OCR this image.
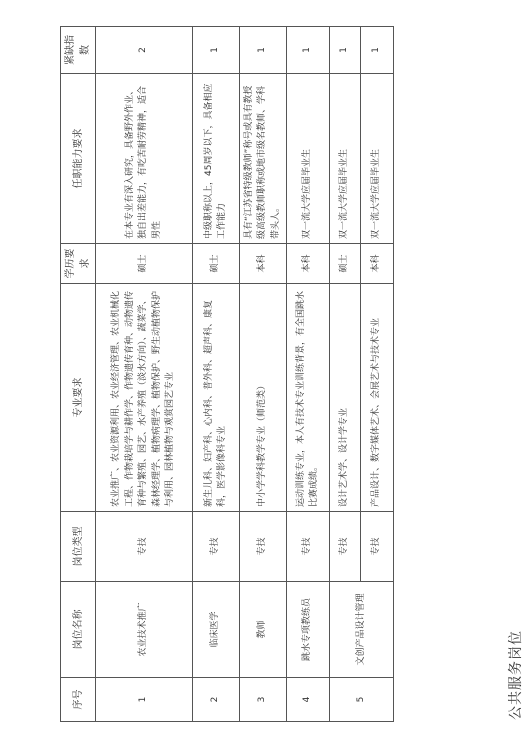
公共服务岗位
序号	岗位名称	岗位类型	专业要求	学历要求	任职能力要求	紧缺指数
1	农业技术推广	专技	农业推广、农业资源利用、农业经济管理、农业机械化工程、作物栽培学与耕作学、作物遗传育种、动物遗传育种与繁殖、园艺、水产养殖（淡水方向）、蔬菜学、森林经理学、植物病理学、植物保护、野生动植物保护与利用、园林植物与观赏园艺专业	硕士	在本专业有深入研究，具备野外作业、独自出差能力，有吃苦耐劳精神，适合男性	2
2	临床医学	专技	新生儿科、妇产科、心内科、普外科、超声科、康复科，医学影像科专业	硕士	中级职称以上，45周岁以下，具备相应工作能力	1
3	教师	专技	中小学学科教学专业（师范类）	本科	具有“江苏省特级教师”称号或具有教授级高级教师职称或地市级名教师、学科带头人。	1
4	跳水专项教练员	专技	运动训练专业，本人有技术专业训练背景，有全国跳水比赛成绩。	本科	双一流大学应届毕业生	1
5	文创产品设计管理	专技	设计艺术学、设计学专业	硕士	双一流大学应届毕业生	1
		专技	产品设计、数字媒体艺术、会展艺术与技术专业	本科	双一流大学应届毕业生	1
